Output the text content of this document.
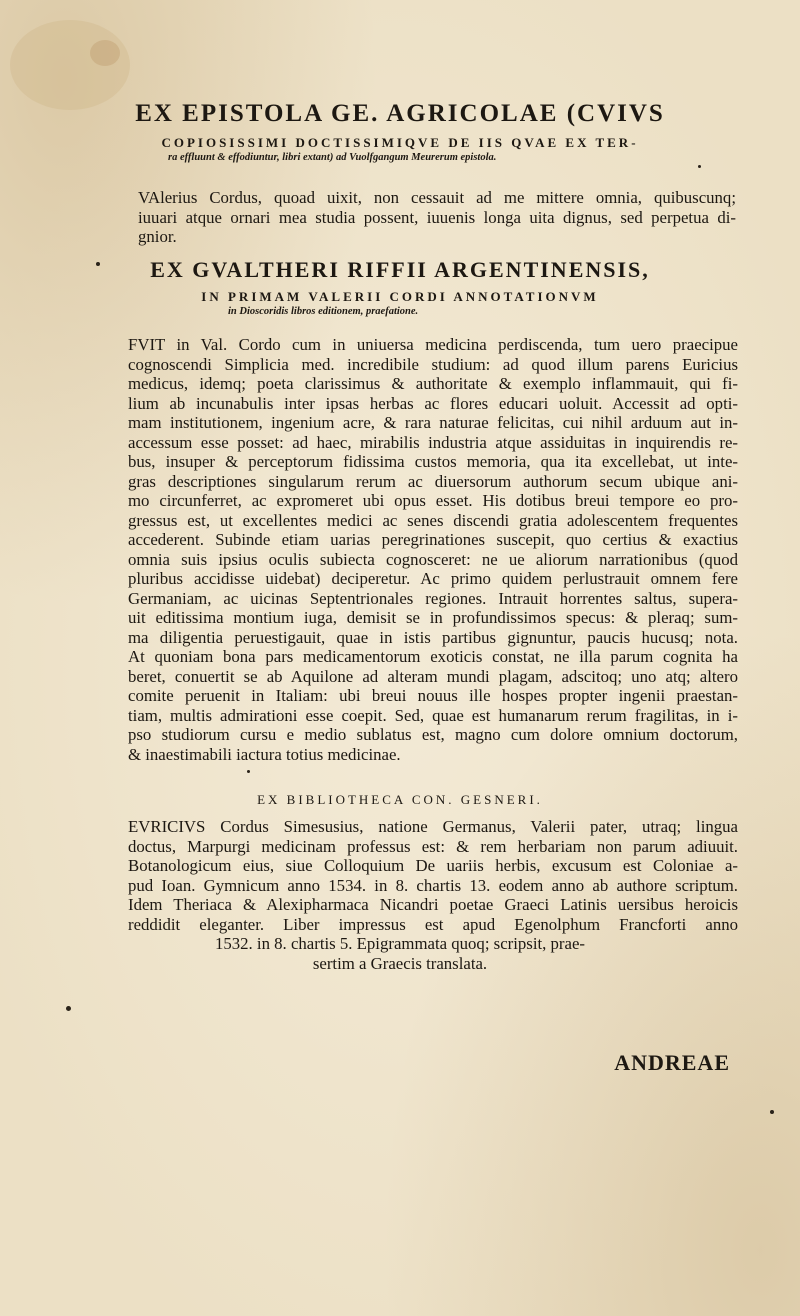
EX EPISTOLA GE. AGRICOLAE (CVIVS
COPIOSISSIMI DOCTISSIMIQVE DE IIS QVAE EX TER-
ra effluunt & effodiuntur, libri extant) ad Vuolfgangum Meurerum epistola.
VAlerius Cordus, quoad uixit, non cessauit ad me mittere omnia, quibuscunq;
iuuari atque ornari mea studia possent, iuuenis longa uita dignus, sed perpetua di-
gnior.
EX GVALTHERI RIFFII ARGENTINENSIS,
IN PRIMAM VALERII CORDI ANNOTATIONVM
in Dioscoridis libros editionem, praefatione.
FVIT in Val. Cordo cum in uniuersa medicina perdiscenda, tum uero praecipue
cognoscendi Simplicia med. incredibile studium: ad quod illum parens Euricius
medicus, idemq; poeta clarissimus & authoritate & exemplo inflammauit, qui fi-
lium ab incunabulis inter ipsas herbas ac flores educari uoluit. Accessit ad opti-
mam institutionem, ingenium acre, & rara naturae felicitas, cui nihil arduum aut in-
accessum esse posset: ad haec, mirabilis industria atque assiduitas in inquirendis re-
bus, insuper & perceptorum fidissima custos memoria, qua ita excellebat, ut inte-
gras descriptiones singularum rerum ac diuersorum authorum secum ubique ani-
mo circunferret, ac expromeret ubi opus esset. His dotibus breui tempore eo pro-
gressus est, ut excellentes medici ac senes discendi gratia adolescentem frequentes
accederent. Subinde etiam uarias peregrinationes suscepit, quo certius & exactius
omnia suis ipsius oculis subiecta cognosceret: ne ue aliorum narrationibus (quod
pluribus accidisse uidebat) deciperetur. Ac primo quidem perlustrauit omnem fere
Germaniam, ac uicinas Septentrionales regiones. Intrauit horrentes saltus, supera-
uit editissima montium iuga, demisit se in profundissimos specus: & pleraq; sum-
ma diligentia peruestigauit, quae in istis partibus gignuntur, paucis hucusq; nota.
At quoniam bona pars medicamentorum exoticis constat, ne illa parum cognita ha
beret, conuertit se ab Aquilone ad alteram mundi plagam, adscitoq; uno atq; altero
comite peruenit in Italiam: ubi breui nouus ille hospes propter ingenii praestan-
tiam, multis admirationi esse coepit. Sed, quae est humanarum rerum fragilitas, in i-
pso studiorum cursu e medio sublatus est, magno cum dolore omnium doctorum,
& inaestimabili iactura totius medicinae.
EX BIBLIOTHECA CON. GESNERI.
EVRICIVS Cordus Simesusius, natione Germanus, Valerii pater, utraq; lingua
doctus, Marpurgi medicinam professus est: & rem herbariam non parum adiuuit.
Botanologicum eius, siue Colloquium De uariis herbis, excusum est Coloniae a-
pud Ioan. Gymnicum anno 1534. in 8. chartis 13. eodem anno ab authore scriptum.
Idem Theriaca & Alexipharmaca Nicandri poetae Graeci Latinis uersibus heroicis
reddidit eleganter. Liber impressus est apud Egenolphum Francforti anno
1532. in 8. chartis 5. Epigrammata quoq; scripsit, prae-
sertim a Graecis translata.
ANDREAE
